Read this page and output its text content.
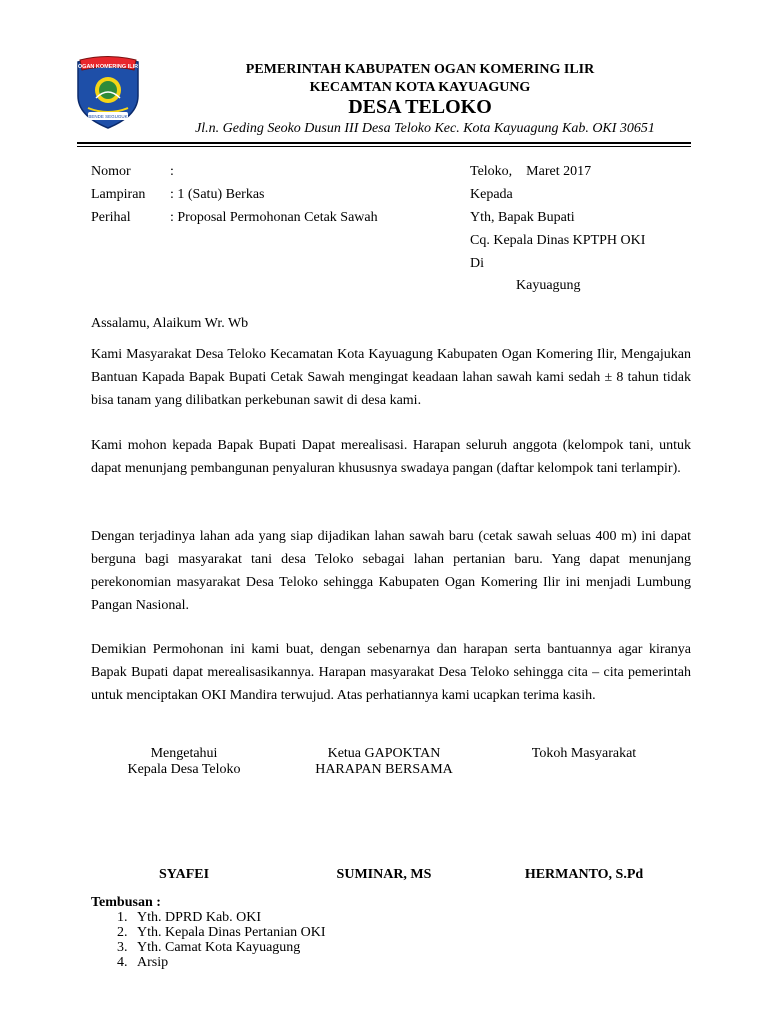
OGAN KOMERING ILIR
BENDE SEGUGUK
PEMERINTAH KABUPATEN OGAN KOMERING ILIR
KECAMTAN KOTA KAYUAGUNG
DESA TELOKO
Jl.n. Geding Seoko Dusun III Desa Teloko Kec. Kota Kayuagung Kab. OKI 30651
Nomor	:
Lampiran : 1 (Satu) Berkas
Perihal	: Proposal Permohonan Cetak Sawah
Teloko,    Maret 2017
Kepada
Yth, Bapak Bupati
Cq. Kepala Dinas KPTPH OKI
Di
Kayuagung
Assalamu, Alaikum Wr. Wb
Kami Masyarakat Desa Teloko Kecamatan Kota Kayuagung Kabupaten Ogan Komering Ilir, Mengajukan Bantuan Kapada Bapak Bupati Cetak Sawah mengingat keadaan lahan sawah kami sedah ± 8 tahun tidak bisa tanam yang dilibatkan perkebunan sawit di desa kami.
Kami mohon kepada Bapak Bupati Dapat merealisasi. Harapan seluruh anggota (kelompok tani, untuk dapat menunjang pembangunan penyaluran khususnya swadaya pangan (daftar kelompok tani terlampir).
Dengan terjadinya lahan ada yang siap dijadikan lahan sawah baru (cetak sawah seluas 400 m) ini dapat berguna bagi masyarakat tani desa Teloko sebagai lahan pertanian baru. Yang dapat menunjang perekonomian masyarakat Desa Teloko sehingga Kabupaten Ogan Komering Ilir ini menjadi Lumbung Pangan Nasional.
Demikian Permohonan ini kami buat, dengan sebenarnya dan harapan serta bantuannya agar kiranya Bapak Bupati dapat merealisasikannya. Harapan masyarakat Desa Teloko sehingga cita – cita pemerintah untuk menciptakan OKI Mandira terwujud. Atas perhatiannya kami ucapkan terima kasih.
Mengetahui
Kepala Desa Teloko
Ketua GAPOKTAN
HARAPAN BERSAMA
Tokoh Masyarakat
SYAFEI	SUMINAR, MS	HERMANTO, S.Pd
Tembusan :
1. Yth. DPRD Kab. OKI
2. Yth. Kepala Dinas Pertanian OKI
3. Yth. Camat Kota Kayuagung
4. Arsip
